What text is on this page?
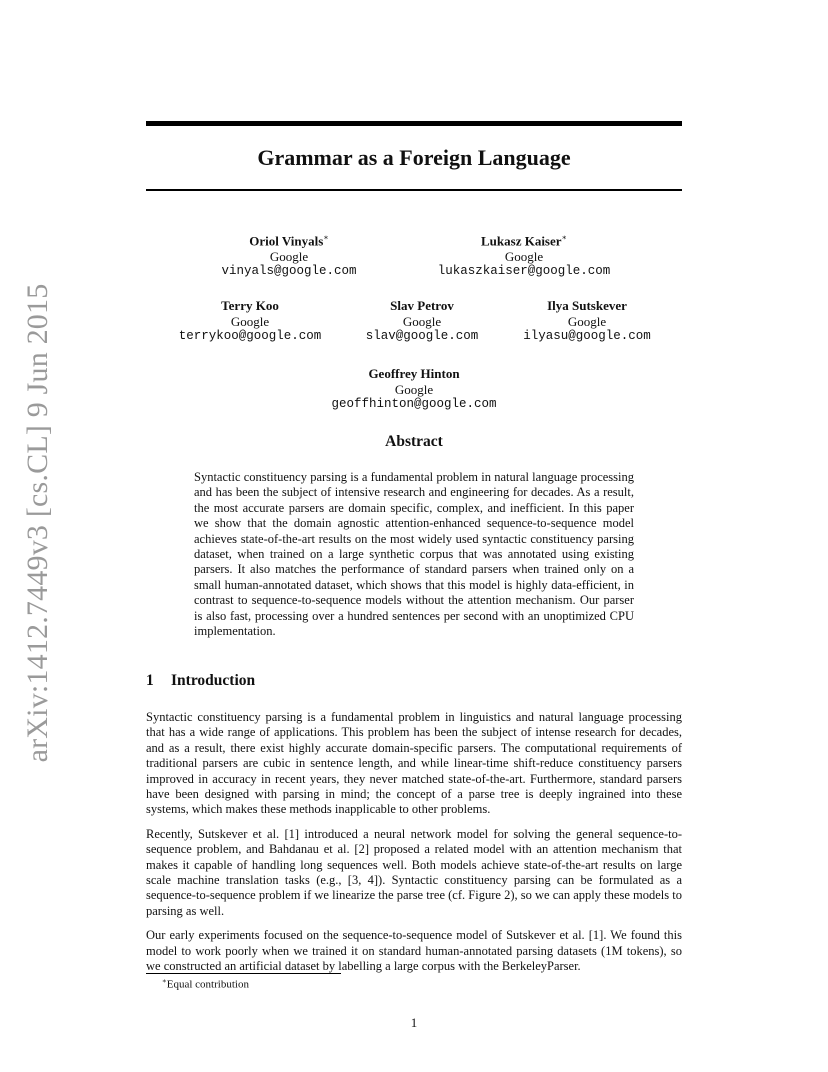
arXiv:1412.7449v3 [cs.CL] 9 Jun 2015
Grammar as a Foreign Language
Oriol Vinyals∗
Google
vinyals@google.com
Lukasz Kaiser∗
Google
lukaszkaiser@google.com
Terry Koo
Google
terrykoo@google.com
Slav Petrov
Google
slav@google.com
Ilya Sutskever
Google
ilyasu@google.com
Geoffrey Hinton
Google
geoffhinton@google.com
Abstract
Syntactic constituency parsing is a fundamental problem in natural language processing and has been the subject of intensive research and engineering for decades. As a result, the most accurate parsers are domain specific, complex, and inefficient. In this paper we show that the domain agnostic attention-enhanced sequence-to-sequence model achieves state-of-the-art results on the most widely used syntactic constituency parsing dataset, when trained on a large synthetic corpus that was annotated using existing parsers. It also matches the performance of standard parsers when trained only on a small human-annotated dataset, which shows that this model is highly data-efficient, in contrast to sequence-to-sequence models without the attention mechanism. Our parser is also fast, processing over a hundred sentences per second with an unoptimized CPU implementation.
1 Introduction

Syntactic constituency parsing is a fundamental problem in linguistics and natural language processing that has a wide range of applications. This problem has been the subject of intense research for decades, and as a result, there exist highly accurate domain-specific parsers. The computational requirements of traditional parsers are cubic in sentence length, and while linear-time shift-reduce constituency parsers improved in accuracy in recent years, they never matched state-of-the-art. Furthermore, standard parsers have been designed with parsing in mind; the concept of a parse tree is deeply ingrained into these systems, which makes these methods inapplicable to other problems.

Recently, Sutskever et al. [1] introduced a neural network model for solving the general sequence-to-sequence problem, and Bahdanau et al. [2] proposed a related model with an attention mechanism that makes it capable of handling long sequences well. Both models achieve state-of-the-art results on large scale machine translation tasks (e.g., [3, 4]). Syntactic constituency parsing can be formulated as a sequence-to-sequence problem if we linearize the parse tree (cf. Figure 2), so we can apply these models to parsing as well.

Our early experiments focused on the sequence-to-sequence model of Sutskever et al. [1]. We found this model to work poorly when we trained it on standard human-annotated parsing datasets (1M tokens), so we constructed an artificial dataset by labelling a large corpus with the BerkeleyParser.

∗Equal contribution
1
